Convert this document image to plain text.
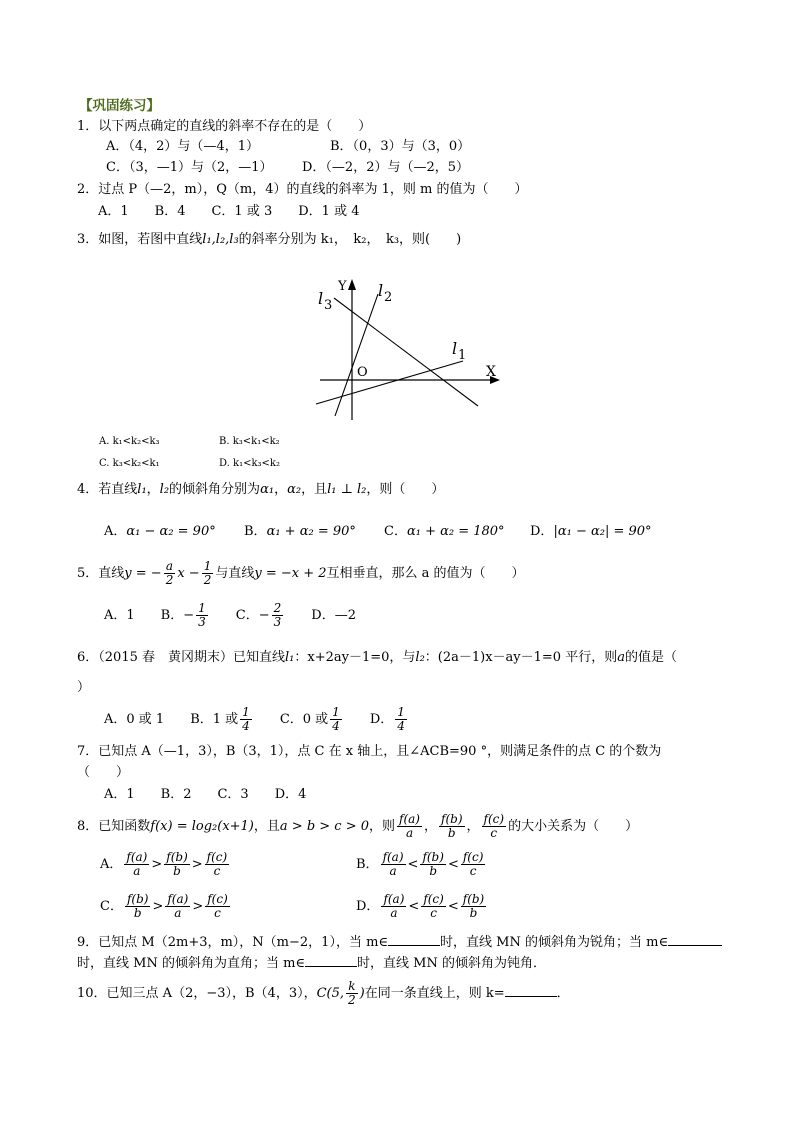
【巩固练习】
1．以下两点确定的直线的斜率不存在的是（　　）
A．（4，2）与（—4，1）	B．（0，3）与（3，0）
C．（3，—1）与（2，—1） D．（—2，2）与（—2，5）
2．过点 P（—2，m），Q（m，4）的直线的斜率为 1，则 m 的值为（　　）
A．1　　B．4　　C．1 或 3　　D．1 或 4
3．如图，若图中直线l₁,l₂,l₃的斜率分别为 k₁，　k₂，　k₃，则(　　)
Y
X
O
l 3
l 2
l 1
A. k₁<k₂<k₃	B. k₃<k₁<k₂
C. k₃<k₂<k₁	D. k₁<k₃<k₂
4．若直线l₁，l₂的倾斜角分别为α₁，α₂，且l₁ ⊥ l₂，则（　　）
A．α₁ − α₂ = 90° B．α₁ + α₂ = 90° C．α₁ + α₂ = 180° D．|α₁ − α₂| = 90°
5．直线y = − $\frac{a}{2}$ $x - \frac{1}{2}$ 与直线y = −x + 2互相垂直，那么 a 的值为（　　）
A．1　　B．− $\frac{1}{3}$
　　 C．− $\frac{2}{3}$
　　 D．—2
6．（2015 春　黄冈期末）已知直线l₁：x+2ay－1=0，与l₂：(2a－1)x－ay－1=0 平行，则a的值是（
）
A．0 或 1　　B．1 或 $\frac{1}{4}$
　　 C．0 或 $\frac{1}{4}$
　　 D． $\frac{1}{4}$
7．已知点 A（—1，3），B（3，1），点 C 在 x 轴上，且∠ACB=90 °，则满足条件的点 C 的个数为
（　　）
A．1　　B．2　　C．3　　D．4
8．已知函数f(x) = log₂(x+1)，且a > b > c > 0，则 $\frac{f(a)}{a}$ ， $\frac{f(b)}{b}$ ， $\frac{f(c)}{c}$ 的大小关系为（　　）
A． $\frac{f(a)}{a} > \frac{f(b)}{b} > \frac{f(c)}{c}$	B． $\frac{f(a)}{a} < \frac{f(b)}{b} < \frac{f(c)}{c}$
C． $\frac{f(b)}{b} > \frac{f(a)}{a} > \frac{f(c)}{c}$	D． $\frac{f(a)}{a} < \frac{f(c)}{c} < \frac{f(b)}{b}$
9．已知点 M（2m+3，m），N（m−2，1），当 m∈	时，直线 MN 的倾斜角为锐角；当 m∈
时，直线 MN 的倾斜角为直角；当 m∈	时，直线 MN 的倾斜角为钝角．
10．已知三点 A（2，−3），B（4，3），C(5, $\frac{k}{2}$ )在同一条直线上，则 k=	．
